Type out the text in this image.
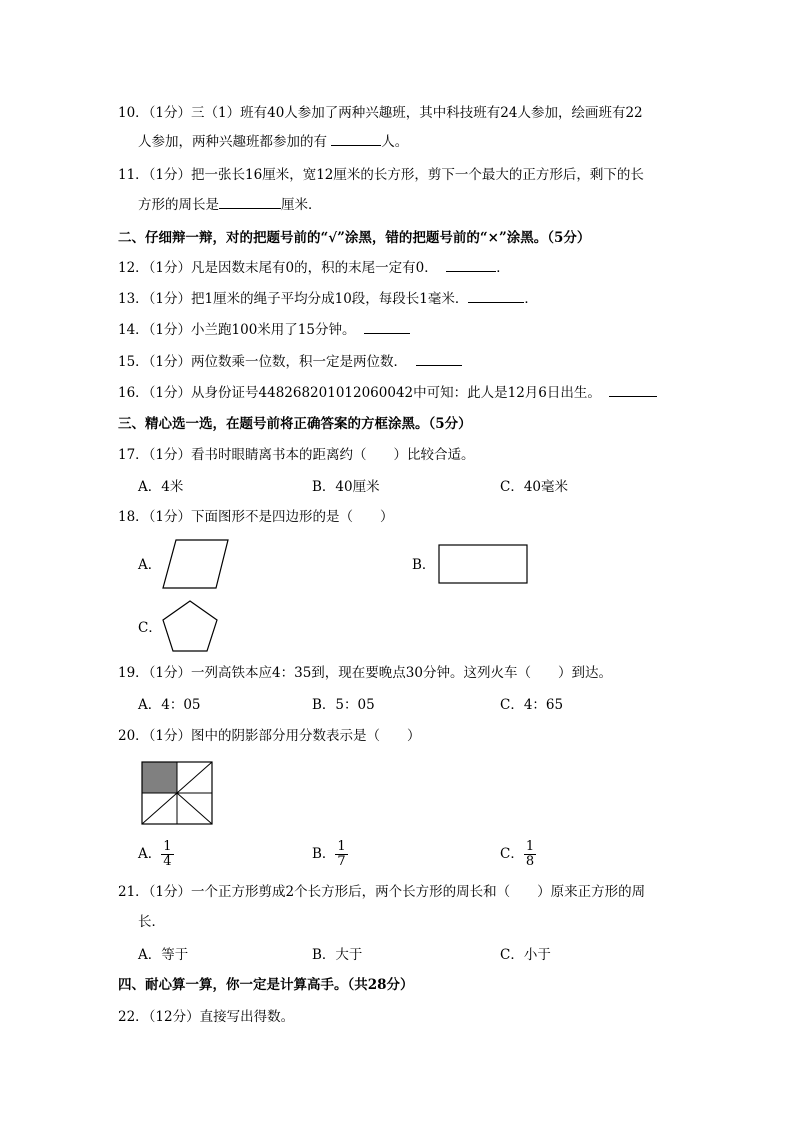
10．（1分）三（1）班有40人参加了两种兴趣班，其中科技班有24人参加，绘画班有22
人参加，两种兴趣班都参加的有	人。
11．（1分）把一张长16厘米，宽12厘米的长方形，剪下一个最大的正方形后，剩下的长
方形的周长是	厘米．
二、仔细辩一辩，对的把题号前的“√”涂黑，错的把题号前的“×”涂黑。（5分）
12．（1分）凡是因数末尾有0的，积的末尾一定有0．	．
13．（1分）把1厘米的绳子平均分成10段，每段长1毫米．	．
14．（1分）小兰跑100米用了15分钟。
15．（1分）两位数乘一位数，积一定是两位数．
16．（1分）从身份证号448268201012060042中可知：此人是12月6日出生。
三、精心选一选，在题号前将正确答案的方框涂黑。（5分）
17．（1分）看书时眼睛离书本的距离约（　　）比较合适。
A．4米	B．40厘米	C．40毫米
18．（1分）下面图形不是四边形的是（　　）
A．	B．
C．
19．（1分）一列高铁本应4：35到，现在要晚点30分钟。这列火车（　　）到达。
A．4：05	B．5：05	C．4：65
20．（1分）图中的阴影部分用分数表示是（　　）
A． $\frac{1}{4}$	B． $\frac{1}{7}$	C． $\frac{1}{8}$
21．（1分）一个正方形剪成2个长方形后，两个长方形的周长和（　　）原来正方形的周
长．
A．等于	B．大于	C．小于
四、耐心算一算，你一定是计算高手。（共28分）
22．（12分）直接写出得数。
